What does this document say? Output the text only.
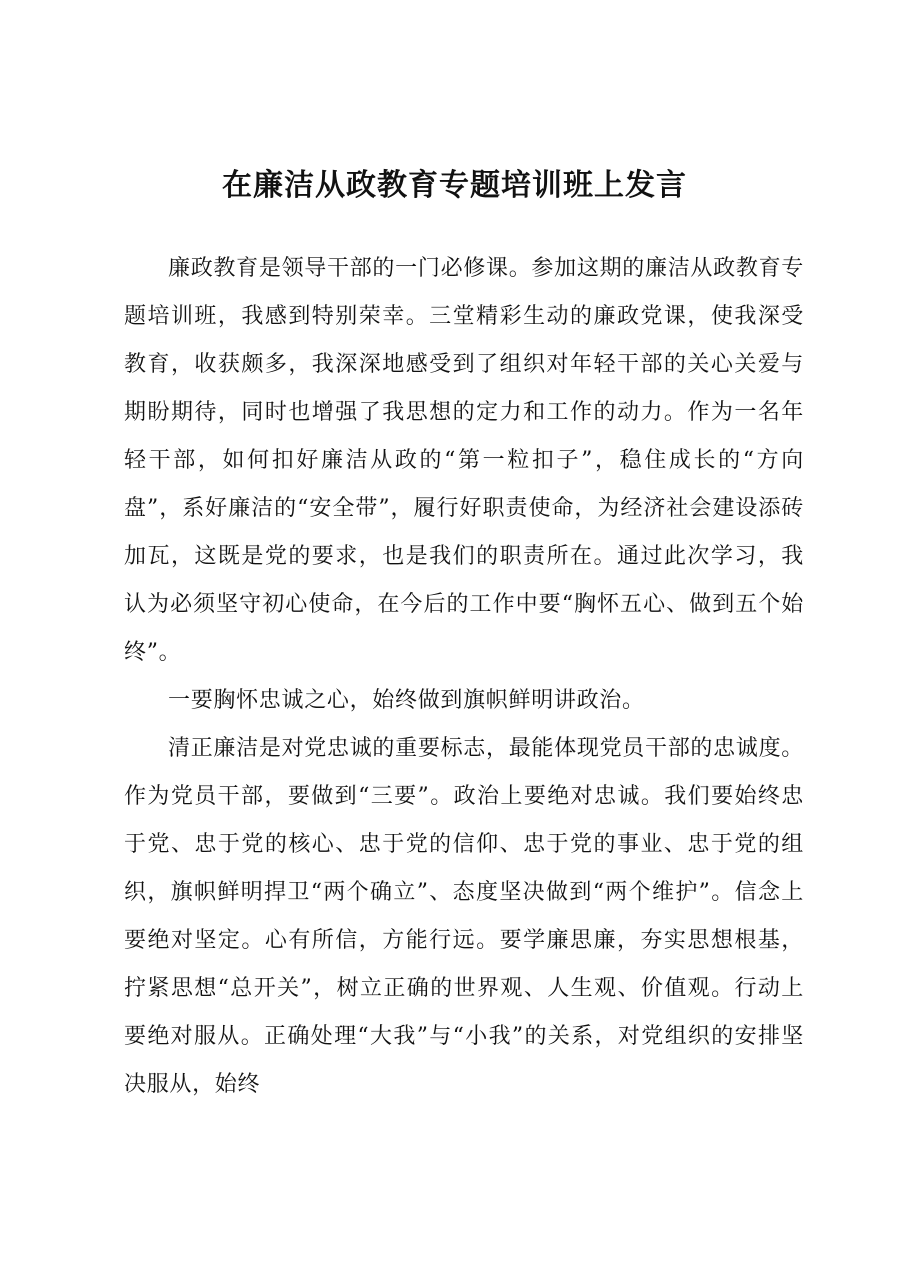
在廉洁从政教育专题培训班上发言

廉政教育是领导干部的一门必修课。参加这期的廉洁从政教育专题培训班，我感到特别荣幸。三堂精彩生动的廉政党课，使我深受教育，收获颇多，我深深地感受到了组织对年轻干部的关心关爱与期盼期待，同时也增强了我思想的定力和工作的动力。作为一名年轻干部，如何扣好廉洁从政的“第一粒扣子”，稳住成长的“方向盘”，系好廉洁的“安全带”，履行好职责使命，为经济社会建设添砖加瓦，这既是党的要求，也是我们的职责所在。通过此次学习，我认为必须坚守初心使命，在今后的工作中要“胸怀五心、做到五个始终”。

一要胸怀忠诚之心，始终做到旗帜鲜明讲政治。

清正廉洁是对党忠诚的重要标志，最能体现党员干部的忠诚度。作为党员干部，要做到“三要”。政治上要绝对忠诚。我们要始终忠于党、忠于党的核心、忠于党的信仰、忠于党的事业、忠于党的组织，旗帜鲜明捍卫“两个确立”、态度坚决做到“两个维护”。信念上要绝对坚定。心有所信，方能行远。要学廉思廉，夯实思想根基，拧紧思想“总开关”，树立正确的世界观、人生观、价值观。行动上要绝对服从。正确处理“大我”与“小我”的关系，对党组织的安排坚决服从，始终
